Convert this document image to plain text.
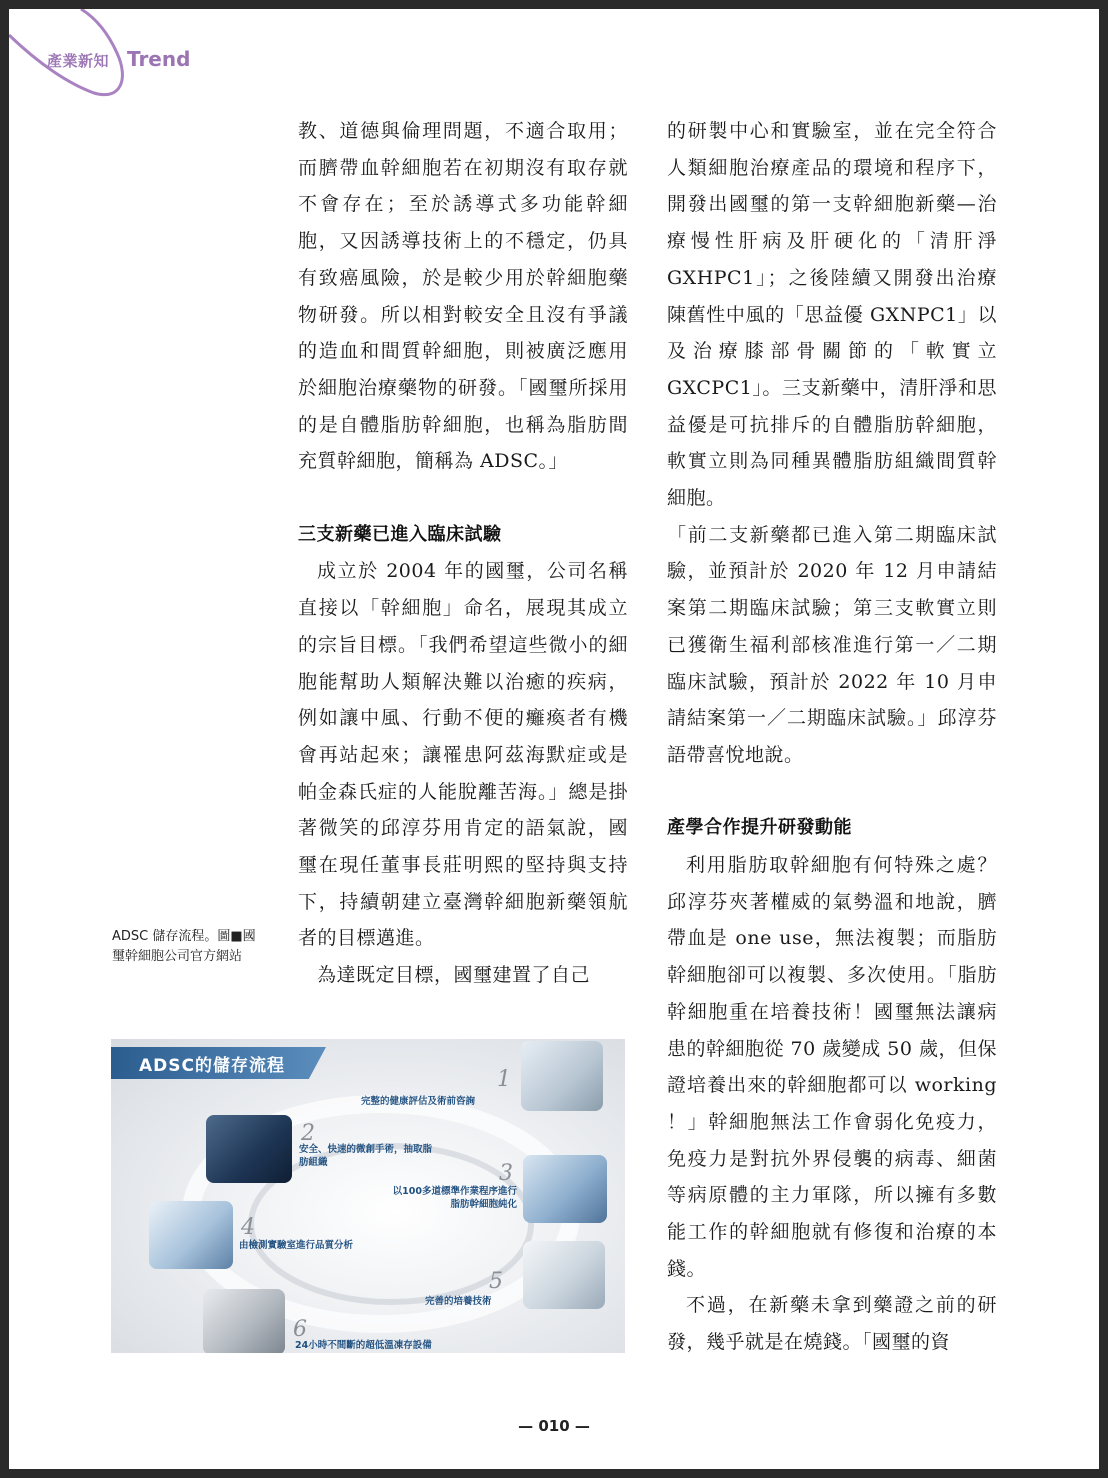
產業新知 Trend

教、道德與倫理問題，不適合取用；而臍帶血幹細胞若在初期沒有取存就不會存在；至於誘導式多功能幹細胞，又因誘導技術上的不穩定，仍具有致癌風險，於是較少用於幹細胞藥物研發。所以相對較安全且沒有爭議的造血和間質幹細胞，則被廣泛應用於細胞治療藥物的研發。「國璽所採用的是自體脂肪幹細胞，也稱為脂肪間充質幹細胞，簡稱為 ADSC。」

三支新藥已進入臨床試驗

成立於 2004 年的國璽，公司名稱直接以「幹細胞」命名，展現其成立的宗旨目標。「我們希望這些微小的細胞能幫助人類解決難以治癒的疾病，例如讓中風、行動不便的癱瘓者有機會再站起來；讓罹患阿茲海默症或是帕金森氏症的人能脫離苦海。」總是掛著微笑的邱淳芬用肯定的語氣說，國璽在現任董事長莊明熙的堅持與支持下，持續朝建立臺灣幹細胞新藥領航者的目標邁進。

為達既定目標，國璽建置了自己

的研製中心和實驗室，並在完全符合人類細胞治療產品的環境和程序下，開發出國璽的第一支幹細胞新藥—治療慢性肝病及肝硬化的「清肝淨 GXHPC1」；之後陸續又開發出治療陳舊性中風的「思益優 GXNPC1」以及治療膝部骨關節的「軟實立 GXCPC1」。三支新藥中，清肝淨和思益優是可抗排斥的自體脂肪幹細胞，軟實立則為同種異體脂肪組織間質幹細胞。

「前二支新藥都已進入第二期臨床試驗，並預計於 2020 年 12 月申請結案第二期臨床試驗；第三支軟實立則已獲衛生福利部核准進行第一／二期臨床試驗，預計於 2022 年 10 月申請結案第一／二期臨床試驗。」邱淳芬語帶喜悅地說。

產學合作提升研發動能

利用脂肪取幹細胞有何特殊之處？邱淳芬夾著權威的氣勢溫和地說，臍帶血是 one use，無法複製；而脂肪幹細胞卻可以複製、多次使用。「脂肪幹細胞重在培養技術！國璽無法讓病患的幹細胞從 70 歲變成 50 歲，但保證培養出來的幹細胞都可以 working ！」幹細胞無法工作會弱化免疫力，免疫力是對抗外界侵襲的病毒、細菌等病原體的主力軍隊，所以擁有多數能工作的幹細胞就有修復和治療的本錢。

不過，在新藥未拿到藥證之前的研發，幾乎就是在燒錢。「國璽的資

ADSC 儲存流程。圖■國璽幹細胞公司官方網站
ADSC的儲存流程
1
完整的健康評估及術前咨詢
2
安全、快速的微創手術，抽取脂肪組織	3
以100多道標準作業程序進行脂肪幹細胞純化
4
由檢測實驗室進行品質分析
5
完善的培養技術
6
24小時不間斷的超低溫凍存設備
— 010 —
